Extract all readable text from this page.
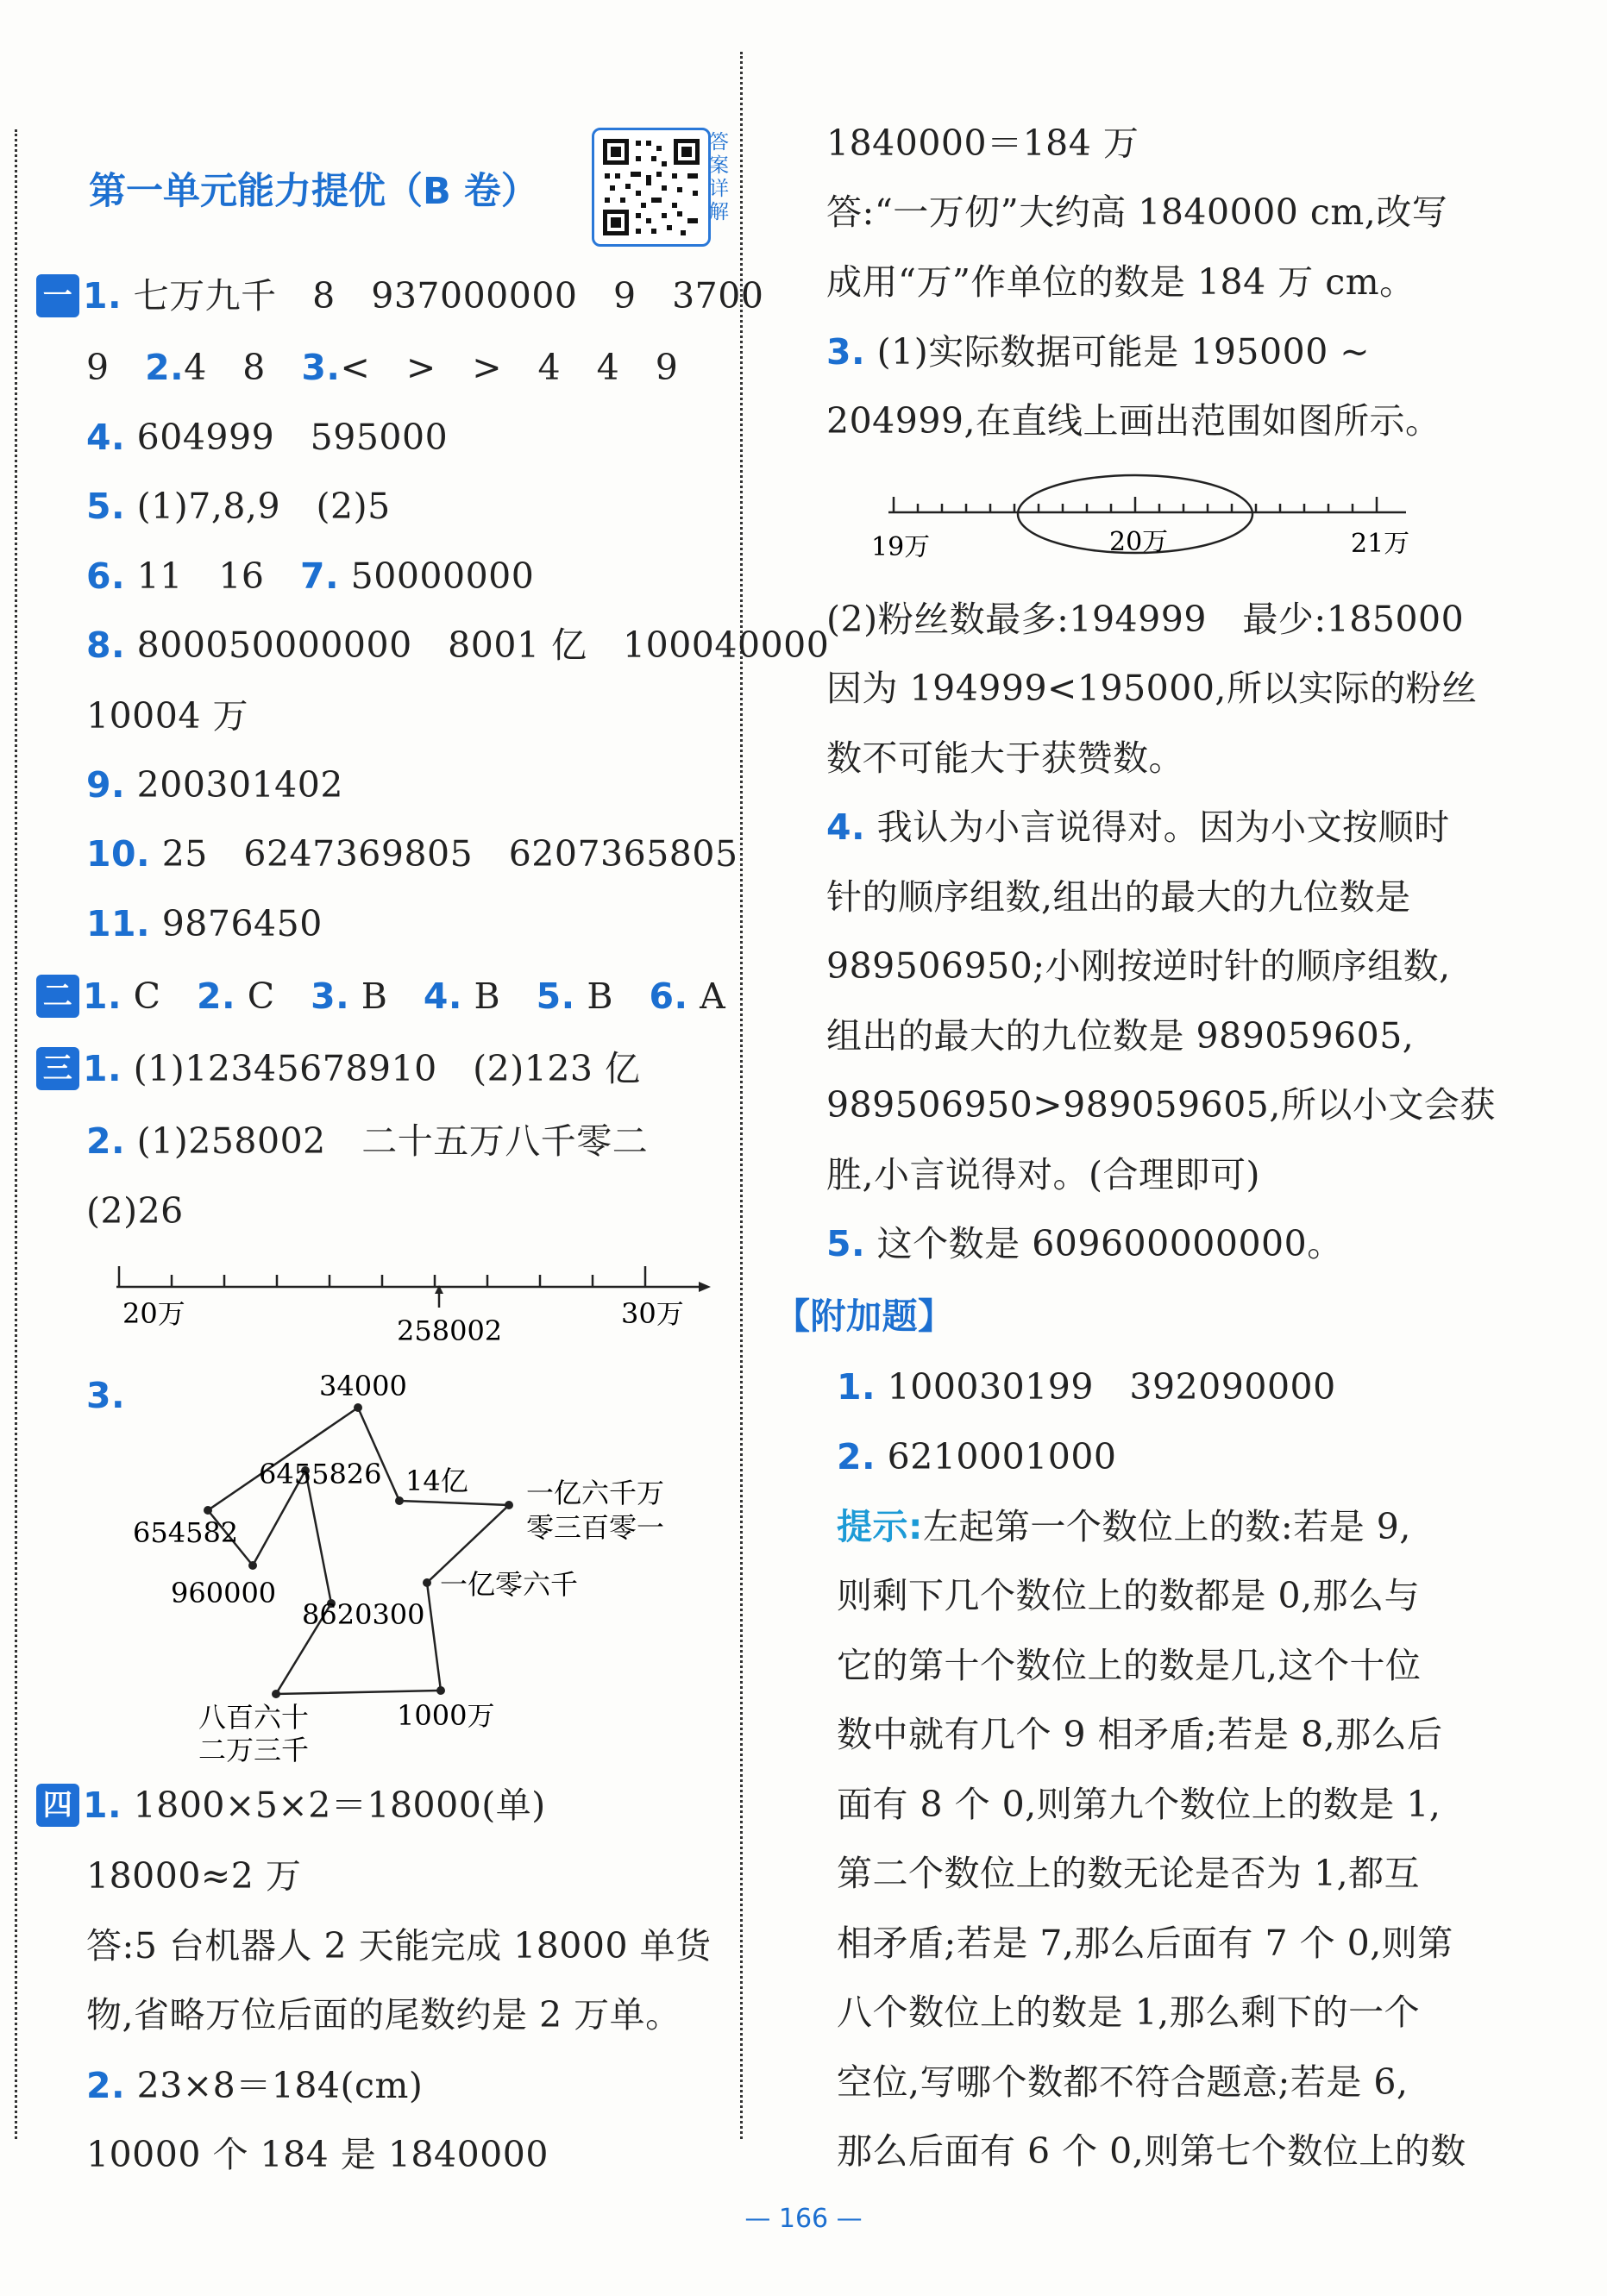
第一单元能力提优（B 卷）
答案详解
一 1. 七万九千　8　937000000　9　3700
9　2.4　8　3.<　>　>　4　4　9
4. 604999　595000
5. (1)7,8,9　(2)5
6. 11　16　7. 50000000
8. 800050000000　8001 亿　100040000
10004 万
9. 200301402
10. 25　6247369805　6207365805
11. 9876450
二 1. C　2. C　3. B　4. B　5. B　6. A
三 1. (1)12345678910　(2)123 亿
2. (1)258002　二十五万八千零二
(2)26
20万
258002
30万
3.	34000
6455826 14亿 一亿六千万
零三百零一
654582
一亿零六千
960000
8620300
八百六十
二万三千
1000万
四 1. 1800×5×2＝18000(单)
18000≈2 万
答:5 台机器人 2 天能完成 18000 单货
物,省略万位后面的尾数约是 2 万单。
2. 23×8＝184(cm)
10000 个 184 是 1840000
1840000＝184 万
答:“一万仞”大约高 1840000 cm,改写
成用“万”作单位的数是 184 万 cm。
3. (1)实际数据可能是 195000 ~
204999,在直线上画出范围如图所示。
19万	20万	21万
(2)粉丝数最多:194999　最少:185000
因为 194999<195000,所以实际的粉丝
数不可能大于获赞数。
4. 我认为小言说得对。因为小文按顺时
针的顺序组数,组出的最大的九位数是
989506950;小刚按逆时针的顺序组数,
组出的最大的九位数是 989059605,
989506950>989059605,所以小文会获
胜,小言说得对。(合理即可)
5. 这个数是 609600000000。
【附加题】
1. 100030199　392090000
2. 6210001000
提示:左起第一个数位上的数:若是 9,
则剩下几个数位上的数都是 0,那么与
它的第十个数位上的数是几,这个十位
数中就有几个 9 相矛盾;若是 8,那么后
面有 8 个 0,则第九个数位上的数是 1,
第二个数位上的数无论是否为 1,都互
相矛盾;若是 7,那么后面有 7 个 0,则第
八个数位上的数是 1,那么剩下的一个
空位,写哪个数都不符合题意;若是 6,
那么后面有 6 个 0,则第七个数位上的数
— 166 —
